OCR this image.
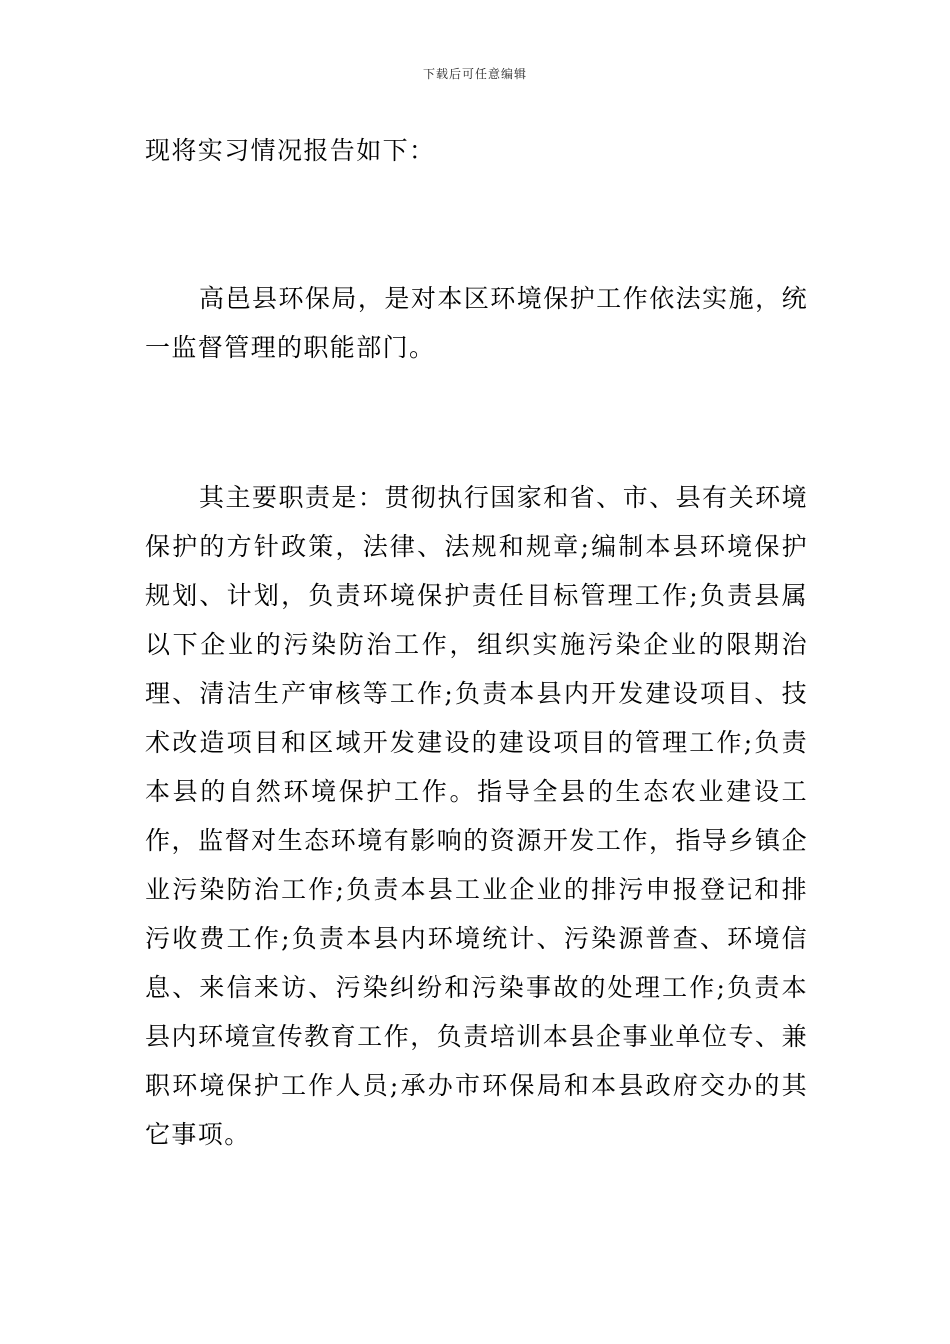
下载后可任意编辑

现将实习情况报告如下：

高邑县环保局，是对本区环境保护工作依法实施，统一监督管理的职能部门。

其主要职责是：贯彻执行国家和省、市、县有关环境保护的方针政策，法律、法规和规章;编制本县环境保护规划、计划，负责环境保护责任目标管理工作;负责县属以下企业的污染防治工作，组织实施污染企业的限期治理、清洁生产审核等工作;负责本县内开发建设项目、技术改造项目和区域开发建设的建设项目的管理工作;负责本县的自然环境保护工作。指导全县的生态农业建设工作，监督对生态环境有影响的资源开发工作，指导乡镇企业污染防治工作;负责本县工业企业的排污申报登记和排污收费工作;负责本县内环境统计、污染源普查、环境信息、来信来访、污染纠纷和污染事故的处理工作;负责本县内环境宣传教育工作，负责培训本县企事业单位专、兼职环境保护工作人员;承办市环保局和本县政府交办的其它事项。
